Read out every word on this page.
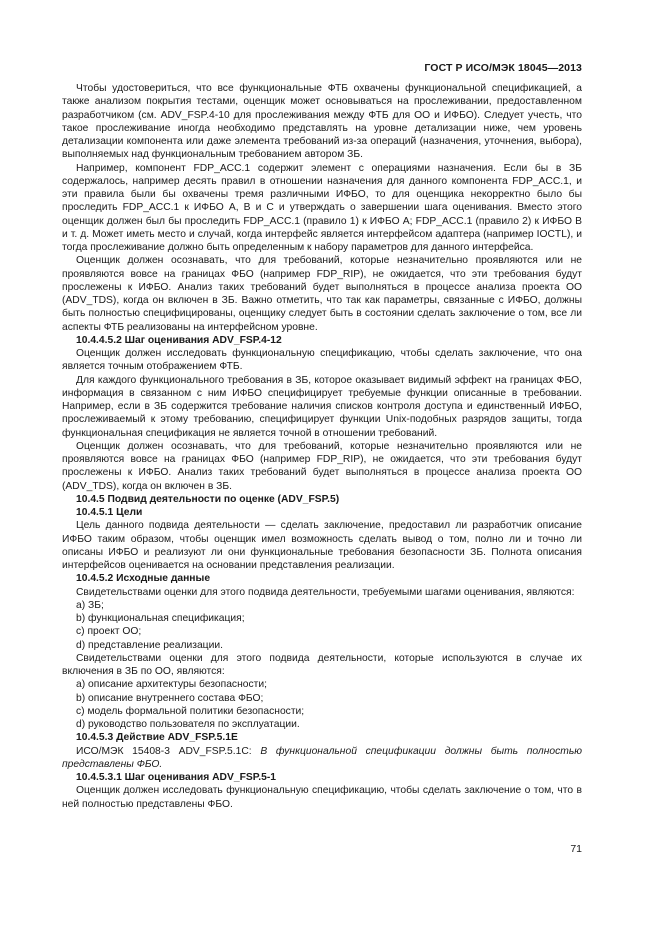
ГОСТ Р ИСО/МЭК 18045—2013

Чтобы удостовериться, что все функциональные ФТБ охвачены функциональной спецификацией, а также анализом покрытия тестами, оценщик может основываться на прослеживании, предоставленном разработчиком (см. ADV_FSP.4-10 для прослеживания между ФТБ для ОО и ИФБО). Следует учесть, что такое прослеживание иногда необходимо представлять на уровне детализации ниже, чем уровень детализации компонента или даже элемента требований из-за операций (назначения, уточнения, выбора), выполняемых над функциональным требованием автором ЗБ.

Например, компонент FDP_ACC.1 содержит элемент с операциями назначения. Если бы в ЗБ содержалось, например десять правил в отношении назначения для данного компонента FDP_ACC.1, и эти правила были бы охвачены тремя различными ИФБО, то для оценщика некорректно было бы проследить FDP_ACC.1 к ИФБО А, В и С и утверждать о завершении шага оценивания. Вместо этого оценщик должен был бы проследить FDP_ACC.1 (правило 1) к ИФБО А; FDP_ACC.1 (правило 2) к ИФБО В и т. д. Может иметь место и случай, когда интерфейс является интерфейсом адаптера (например IOCTL), и тогда прослеживание должно быть определенным к набору параметров для данного интерфейса.

Оценщик должен осознавать, что для требований, которые незначительно проявляются или не проявляются вовсе на границах ФБО (например FDP_RIP), не ожидается, что эти требования будут прослежены к ИФБО. Анализ таких требований будет выполняться в процессе анализа проекта ОО (ADV_TDS), когда он включен в ЗБ. Важно отметить, что так как параметры, связанные с ИФБО, должны быть полностью специфицированы, оценщику следует быть в состоянии сделать заключение о том, все ли аспекты ФТБ реализованы на интерфейсном уровне.

10.4.4.5.2 Шаг оценивания ADV_FSP.4-12

Оценщик должен исследовать функциональную спецификацию, чтобы сделать заключение, что она является точным отображением ФТБ.

Для каждого функционального требования в ЗБ, которое оказывает видимый эффект на границах ФБО, информация в связанном с ним ИФБО специфицирует требуемые функции описанные в требовании. Например, если в ЗБ содержится требование наличия списков контроля доступа и единственный ИФБО, прослеживаемый к этому требованию, специфицирует функции Unix-подобных разрядов защиты, тогда функциональная спецификация не является точной в отношении требований.

Оценщик должен осознавать, что для требований, которые незначительно проявляются или не проявляются вовсе на границах ФБО (например FDP_RIP), не ожидается, что эти требования будут прослежены к ИФБО. Анализ таких требований будет выполняться в процессе анализа проекта ОО (ADV_TDS), когда он включен в ЗБ.

10.4.5 Подвид деятельности по оценке (ADV_FSP.5)

10.4.5.1 Цели

Цель данного подвида деятельности — сделать заключение, предоставил ли разработчик описание ИФБО таким образом, чтобы оценщик имел возможность сделать вывод о том, полно ли и точно ли описаны ИФБО и реализуют ли они функциональные требования безопасности ЗБ. Полнота описания интерфейсов оценивается на основании представления реализации.

10.4.5.2 Исходные данные

Свидетельствами оценки для этого подвида деятельности, требуемыми шагами оценивания, являются:

a) ЗБ;

b) функциональная спецификация;

c) проект ОО;

d) представление реализации.

Свидетельствами оценки для этого подвида деятельности, которые используются в случае их включения в ЗБ по ОО, являются:

a) описание архитектуры безопасности;

b) описание внутреннего состава ФБО;

c) модель формальной политики безопасности;

d) руководство пользователя по эксплуатации.

10.4.5.3 Действие ADV_FSP.5.1E

ИСО/МЭК 15408-3 ADV_FSP.5.1С: В функциональной спецификации должны быть полностью представлены ФБО.

10.4.5.3.1 Шаг оценивания ADV_FSP.5-1

Оценщик должен исследовать функциональную спецификацию, чтобы сделать заключение о том, что в ней полностью представлены ФБО.

71
